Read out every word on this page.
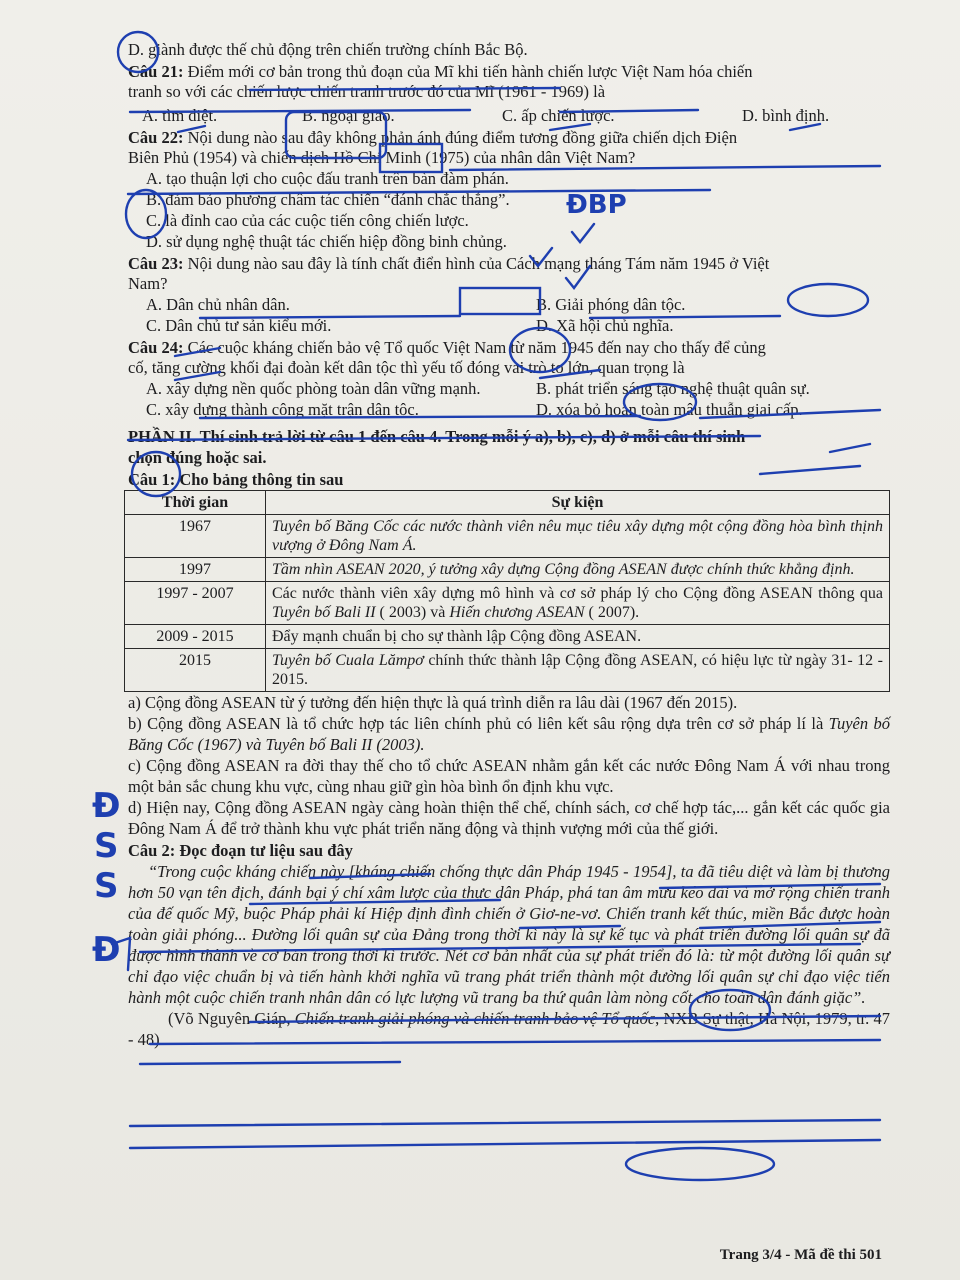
D. giành được thế chủ động trên chiến trường chính Bắc Bộ.
Câu 21: Điểm mới cơ bản trong thủ đoạn của Mĩ khi tiến hành chiến lược Việt Nam hóa chiến
tranh so với các chiến lược chiến tranh trước đó của Mĩ (1961 - 1969) là
A. tìm diệt.	B. ngoại giao.	C. ấp chiến lược.	D. bình định.
Câu 22: Nội dung nào sau đây không phản ánh đúng điểm tương đồng giữa chiến dịch Điện
Biên Phủ (1954) và chiến dịch Hồ Chí Minh (1975) của nhân dân Việt Nam?
A. tạo thuận lợi cho cuộc đấu tranh trên bàn đàm phán.
B. đảm bảo phương châm tác chiến “đánh chắc thắng”.
C. là đỉnh cao của các cuộc tiến công chiến lược.
D. sử dụng nghệ thuật tác chiến hiệp đồng binh chủng.
Câu 23: Nội dung nào sau đây là tính chất điển hình của Cách mạng tháng Tám năm 1945 ở Việt
Nam?
A. Dân chủ nhân dân.	B. Giải phóng dân tộc.
C. Dân chủ tư sản kiểu mới.	D. Xã hội chủ nghĩa.
Câu 24: Các cuộc kháng chiến bảo vệ Tổ quốc Việt Nam từ năm 1945 đến nay cho thấy để củng
cố, tăng cường khối đại đoàn kết dân tộc thì yếu tố đóng vai trò to lớn, quan trọng là
A. xây dựng nền quốc phòng toàn dân vững mạnh.	B. phát triển sáng tạo nghệ thuật quân sự.
C. xây dựng thành công mặt trận dân tộc.	D. xóa bỏ hoàn toàn mâu thuẫn giai cấp.
PHẦN II. Thí sinh trả lời từ câu 1 đến câu 4. Trong mỗi ý a), b), c), d) ở mỗi câu thí sinh
chọn đúng hoặc sai.
Câu 1: Cho bảng thông tin sau
Thời gian	Sự kiện
1967	Tuyên bố Băng Cốc các nước thành viên nêu mục tiêu xây dựng một cộng đồng hòa bình thịnh vượng ở Đông Nam Á.
1997	Tầm nhìn ASEAN 2020, ý tưởng xây dựng Cộng đồng ASEAN được chính thức khẳng định.
1997 - 2007	Các nước thành viên xây dựng mô hình và cơ sở pháp lý cho Cộng đồng ASEAN thông qua Tuyên bố Bali II ( 2003) và Hiến chương ASEAN ( 2007).
2009 - 2015	Đẩy mạnh chuẩn bị cho sự thành lập Cộng đồng ASEAN.
2015	Tuyên bố Cuala Lămpơ chính thức thành lập Cộng đồng ASEAN, có hiệu lực từ ngày 31- 12 - 2015.
a) Cộng đồng ASEAN từ ý tưởng đến hiện thực là quá trình diễn ra lâu dài (1967 đến 2015).
b) Cộng đồng ASEAN là tổ chức hợp tác liên chính phủ có liên kết sâu rộng dựa trên cơ sở pháp lí là Tuyên bố Băng Cốc (1967) và Tuyên bố Bali II (2003).
c) Cộng đồng ASEAN ra đời thay thế cho tổ chức ASEAN nhằm gắn kết các nước Đông Nam Á với nhau trong một bản sắc chung khu vực, cùng nhau giữ gìn hòa bình ổn định khu vực.
d) Hiện nay, Cộng đồng ASEAN ngày càng hoàn thiện thể chế, chính sách, cơ chế hợp tác,... gắn kết các quốc gia Đông Nam Á để trở thành khu vực phát triển năng động và thịnh vượng mới của thế giới.
Câu 2: Đọc đoạn tư liệu sau đây
“Trong cuộc kháng chiến này [kháng chiến chống thực dân Pháp 1945 - 1954], ta đã tiêu diệt và làm bị thương hơn 50 vạn tên địch, đánh bại ý chí xâm lược của thực dân Pháp, phá tan âm mưu kéo dài và mở rộng chiến tranh của đế quốc Mỹ, buộc Pháp phải kí Hiệp định đình chiến ở Giơ-ne-vơ. Chiến tranh kết thúc, miền Bắc được hoàn toàn giải phóng... Đường lối quân sự của Đảng trong thời kì này là sự kế tục và phát triển đường lối quân sự đã được hình thành về cơ bản trong thời kì trước. Nét cơ bản nhất của sự phát triển đó là: từ một đường lối quân sự chỉ đạo việc chuẩn bị và tiến hành khởi nghĩa vũ trang phát triển thành một đường lối quân sự chỉ đạo việc tiến hành một cuộc chiến tranh nhân dân có lực lượng vũ trang ba thứ quân làm nòng cốt cho toàn dân đánh giặc”.
(Võ Nguyên Giáp, Chiến tranh giải phóng và chiến tranh bảo vệ Tổ quốc, NXB Sự thật, Hà Nội, 1979, tr. 47 - 48).
Trang 3/4 - Mã đề thi 501
ĐBP
Đ
S
S
Đ
